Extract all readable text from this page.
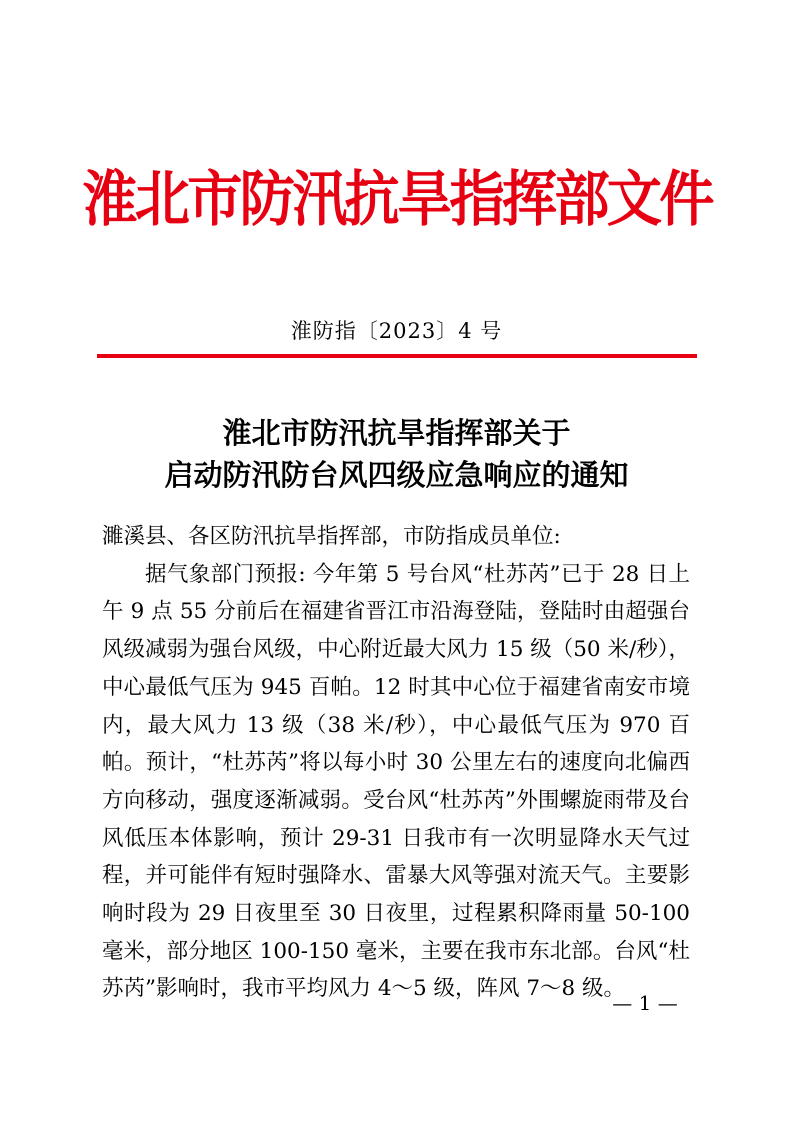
淮北市防汛抗旱指挥部文件
淮防指〔2023〕4 号
淮北市防汛抗旱指挥部关于
启动防汛防台风四级应急响应的通知

濉溪县、各区防汛抗旱指挥部，市防指成员单位:

据气象部门预报: 今年第 5 号台风“杜苏芮”已于 28 日上午 9 点 55 分前后在福建省晋江市沿海登陆，登陆时由超强台风级减弱为强台风级，中心附近最大风力 15 级（50 米/秒），中心最低气压为 945 百帕。12 时其中心位于福建省南安市境内，最大风力 13 级（38 米/秒），中心最低气压为 970 百帕。预计，“杜苏芮”将以每小时 30 公里左右的速度向北偏西方向移动，强度逐渐减弱。受台风“杜苏芮”外围螺旋雨带及台风低压本体影响，预计 29-31 日我市有一次明显降水天气过程，并可能伴有短时强降水、雷暴大风等强对流天气。主要影响时段为 29 日夜里至 30 日夜里，过程累积降雨量 50-100 毫米，部分地区 100-150 毫米，主要在我市东北部。台风“杜苏芮”影响时，我市平均风力 4～5 级，阵风 7～8 级。

— 1 —
